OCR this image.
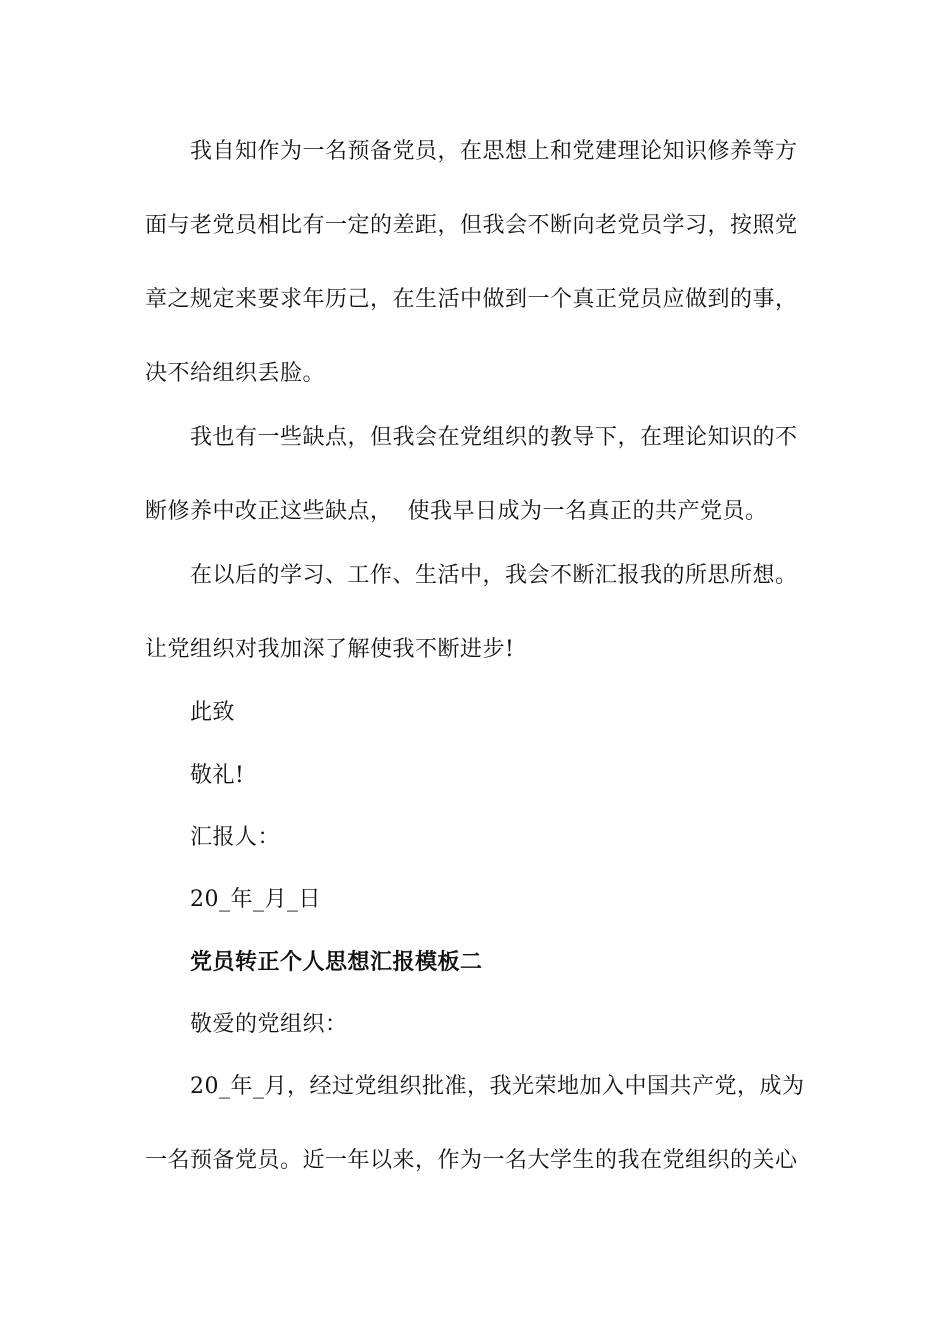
我自知作为一名预备党员，在思想上和党建理论知识修养等方
面与老党员相比有一定的差距，但我会不断向老党员学习，按照党
章之规定来要求年历己，在生活中做到一个真正党员应做到的事，
决不给组织丢脸。
我也有一些缺点，但我会在党组织的教导下，在理论知识的不
断修养中改正这些缺点，  使我早日成为一名真正的共产党员。
在以后的学习、工作、生活中，我会不断汇报我的所思所想。
让党组织对我加深了解使我不断进步!
此致
敬礼!
汇报人：
20_年_月_日
党员转正个人思想汇报模板二
敬爱的党组织：
20_年_月，经过党组织批准，我光荣地加入中国共产党，成为
一名预备党员。近一年以来，作为一名大学生的我在党组织的关心
